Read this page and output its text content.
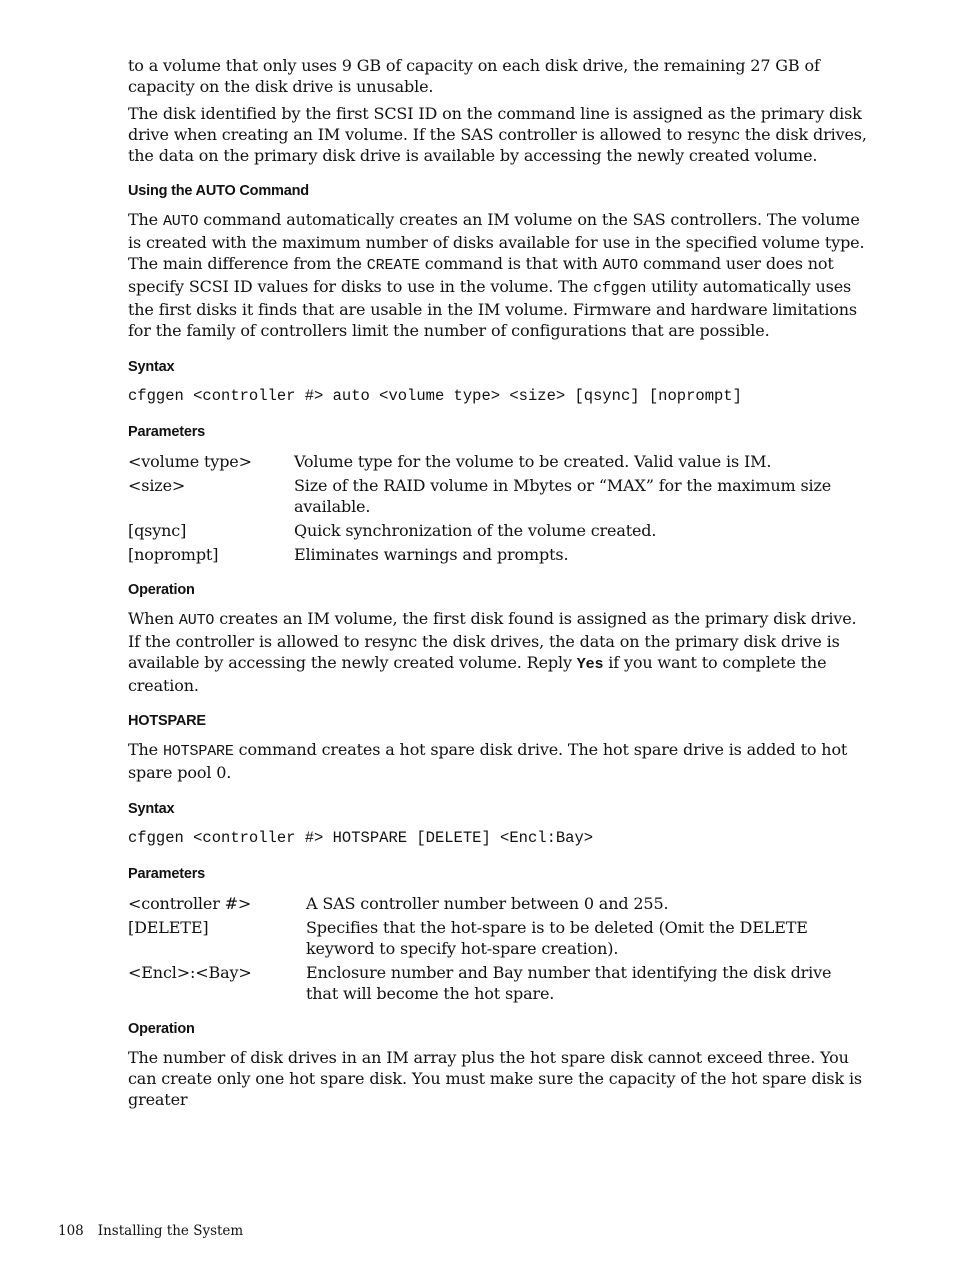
to a volume that only uses 9 GB of capacity on each disk drive, the remaining 27 GB of capacity on the disk drive is unusable.

The disk identified by the first SCSI ID on the command line is assigned as the primary disk drive when creating an IM volume. If the SAS controller is allowed to resync the disk drives, the data on the primary disk drive is available by accessing the newly created volume.

Using the AUTO Command

The AUTO command automatically creates an IM volume on the SAS controllers. The volume is created with the maximum number of disks available for use in the specified volume type. The main difference from the CREATE command is that with AUTO command user does not specify SCSI ID values for disks to use in the volume. The cfggen utility automatically uses the first disks it finds that are usable in the IM volume. Firmware and hardware limitations for the family of controllers limit the number of configurations that are possible.

Syntax
cfggen <controller #> auto <volume type> <size> [qsync] [noprompt]
Parameters
<volume type>	Volume type for the volume to be created. Valid value is IM.
<size>	Size of the RAID volume in Mbytes or “MAX” for the maximum size available.
[qsync]	Quick synchronization of the volume created.
[noprompt]	Eliminates warnings and prompts.
Operation

When AUTO creates an IM volume, the first disk found is assigned as the primary disk drive. If the controller is allowed to resync the disk drives, the data on the primary disk drive is available by accessing the newly created volume. Reply Yes if you want to complete the creation.

HOTSPARE

The HOTSPARE command creates a hot spare disk drive. The hot spare drive is added to hot spare pool 0.

Syntax
cfggen <controller #> HOTSPARE [DELETE] <Encl:Bay>
Parameters
<controller #>	A SAS controller number between 0 and 255.
[DELETE]	Specifies that the hot-spare is to be deleted (Omit the DELETE keyword to specify hot-spare creation).
<Encl>:<Bay>	Enclosure number and Bay number that identifying the disk drive that will become the hot spare.
Operation

The number of disk drives in an IM array plus the hot spare disk cannot exceed three. You can create only one hot spare disk. You must make sure the capacity of the hot spare disk is greater

108 Installing the System
